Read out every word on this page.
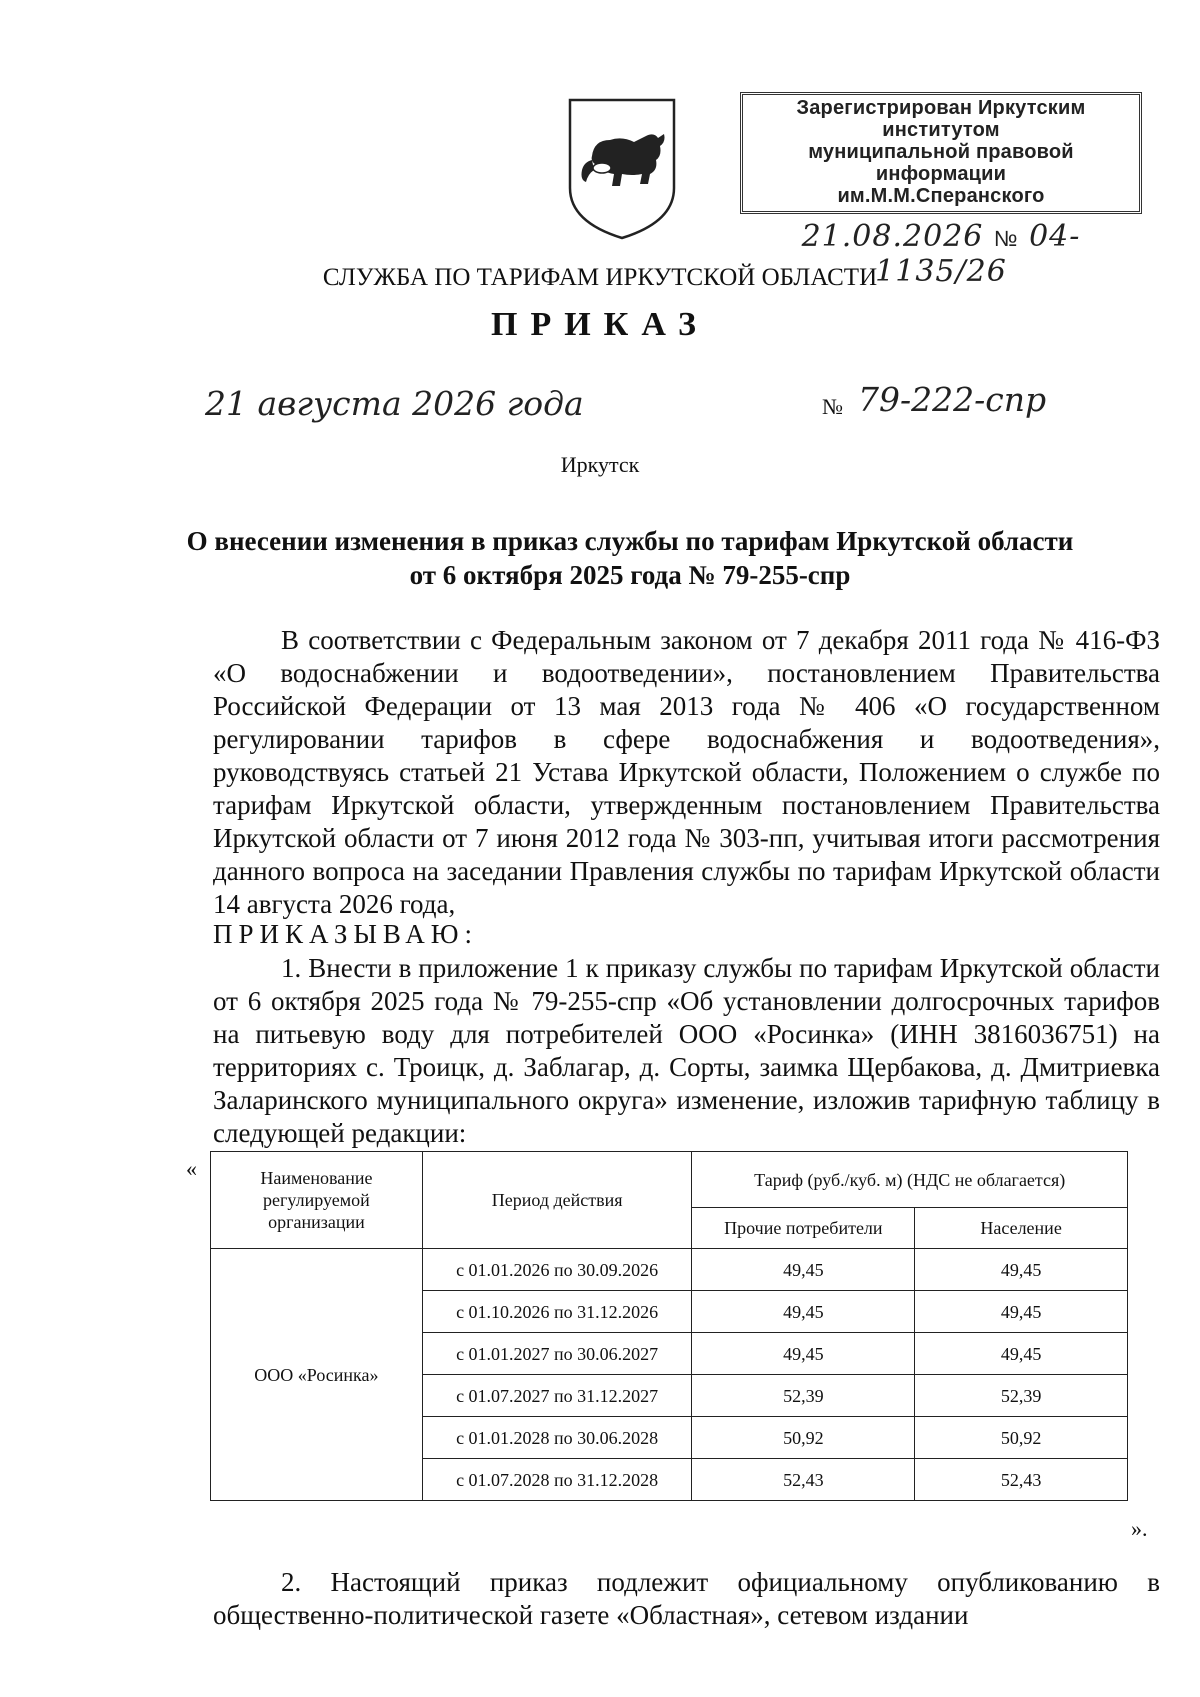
Зарегистрирован Иркутским институтом
муниципальной правовой информации
им.М.М.Сперанского
21.08.2026 № 04-1135/26
СЛУЖБА ПО ТАРИФАМ ИРКУТСКОЙ ОБЛАСТИ
ПРИКАЗ
21 августа 2026 года	№ 79-222-спр
Иркутск
О внесении изменения в приказ службы по тарифам Иркутской области
от 6 октября 2025 года № 79-255-спр
В соответствии с Федеральным законом от 7 декабря 2011 года № 416-ФЗ «О водоснабжении и водоотведении», постановлением Правительства Российской Федерации от 13 мая 2013 года № 406 «О государственном регулировании тарифов в сфере водоснабжения и водоотведения», руководствуясь статьей 21 Устава Иркутской области, Положением о службе по тарифам Иркутской области, утвержденным постановлением Правительства Иркутской области от 7 июня 2012 года № 303-пп, учитывая итоги рассмотрения данного вопроса на заседании Правления службы по тарифам Иркутской области 14 августа 2026 года,
ПРИКАЗЫВАЮ:
1. Внести в приложение 1 к приказу службы по тарифам Иркутской области от 6 октября 2025 года № 79-255-спр «Об установлении долгосрочных тарифов на питьевую воду для потребителей ООО «Росинка» (ИНН 3816036751) на территориях с. Троицк, д. Заблагар, д. Сорты, заимка Щербакова, д. Дмитриевка Заларинского муниципального округа» изменение, изложив тарифную таблицу в следующей редакции:
«	Наименование регулируемой организации	Период действия	Тариф (руб./куб. м) (НДС не облагается)	
		Прочие потребители	Население
ООО «Росинка»	с 01.01.2026 по 30.09.2026	49,45	49,45
	с 01.10.2026 по 31.12.2026	49,45	49,45
	с 01.01.2027 по 30.06.2027	49,45	49,45
	с 01.07.2027 по 31.12.2027	52,39	52,39
	с 01.01.2028 по 30.06.2028	50,92	50,92
	с 01.07.2028 по 31.12.2028	52,43	52,43
».
2. Настоящий приказ подлежит официальному опубликованию в общественно-политической газете «Областная», сетевом издании
